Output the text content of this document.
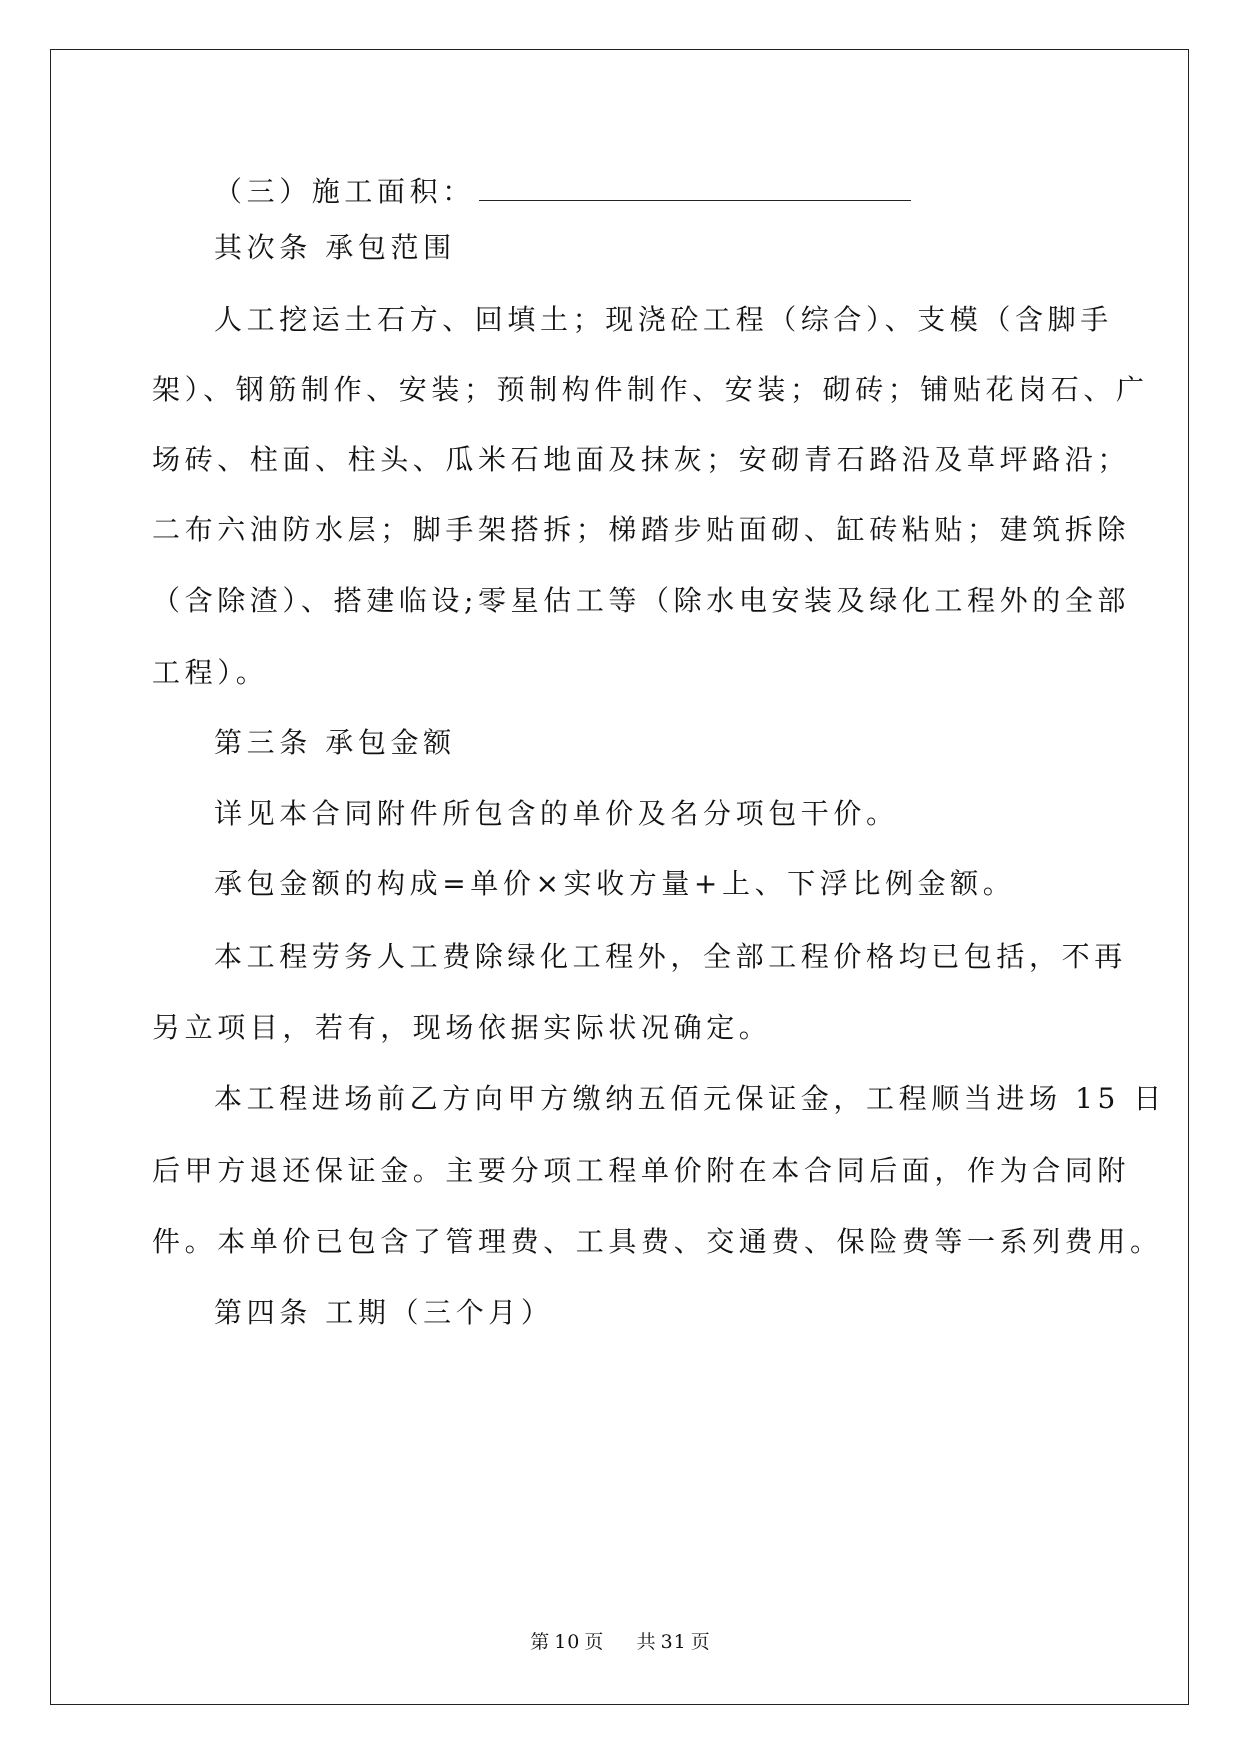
（三）施工面积：
其次条 承包范围
人工挖运土石方、回填土；现浇砼工程（综合）、支模（含脚手
架）、钢筋制作、安装；预制构件制作、安装；砌砖；铺贴花岗石、广
场砖、柱面、柱头、瓜米石地面及抹灰；安砌青石路沿及草坪路沿；
二布六油防水层；脚手架搭拆；梯踏步贴面砌、缸砖粘贴；建筑拆除
（含除渣）、搭建临设;零星估工等（除水电安装及绿化工程外的全部
工程）。
第三条 承包金额
详见本合同附件所包含的单价及名分项包干价。
承包金额的构成=单价×实收方量+上、下浮比例金额。
本工程劳务人工费除绿化工程外，全部工程价格均已包括，不再
另立项目，若有，现场依据实际状况确定。
本工程进场前乙方向甲方缴纳五佰元保证金，工程顺当进场 15 日
后甲方退还保证金。主要分项工程单价附在本合同后面，作为合同附
件。本单价已包含了管理费、工具费、交通费、保险费等一系列费用。
第四条 工期（三个月）
第 10 页 共 31 页
